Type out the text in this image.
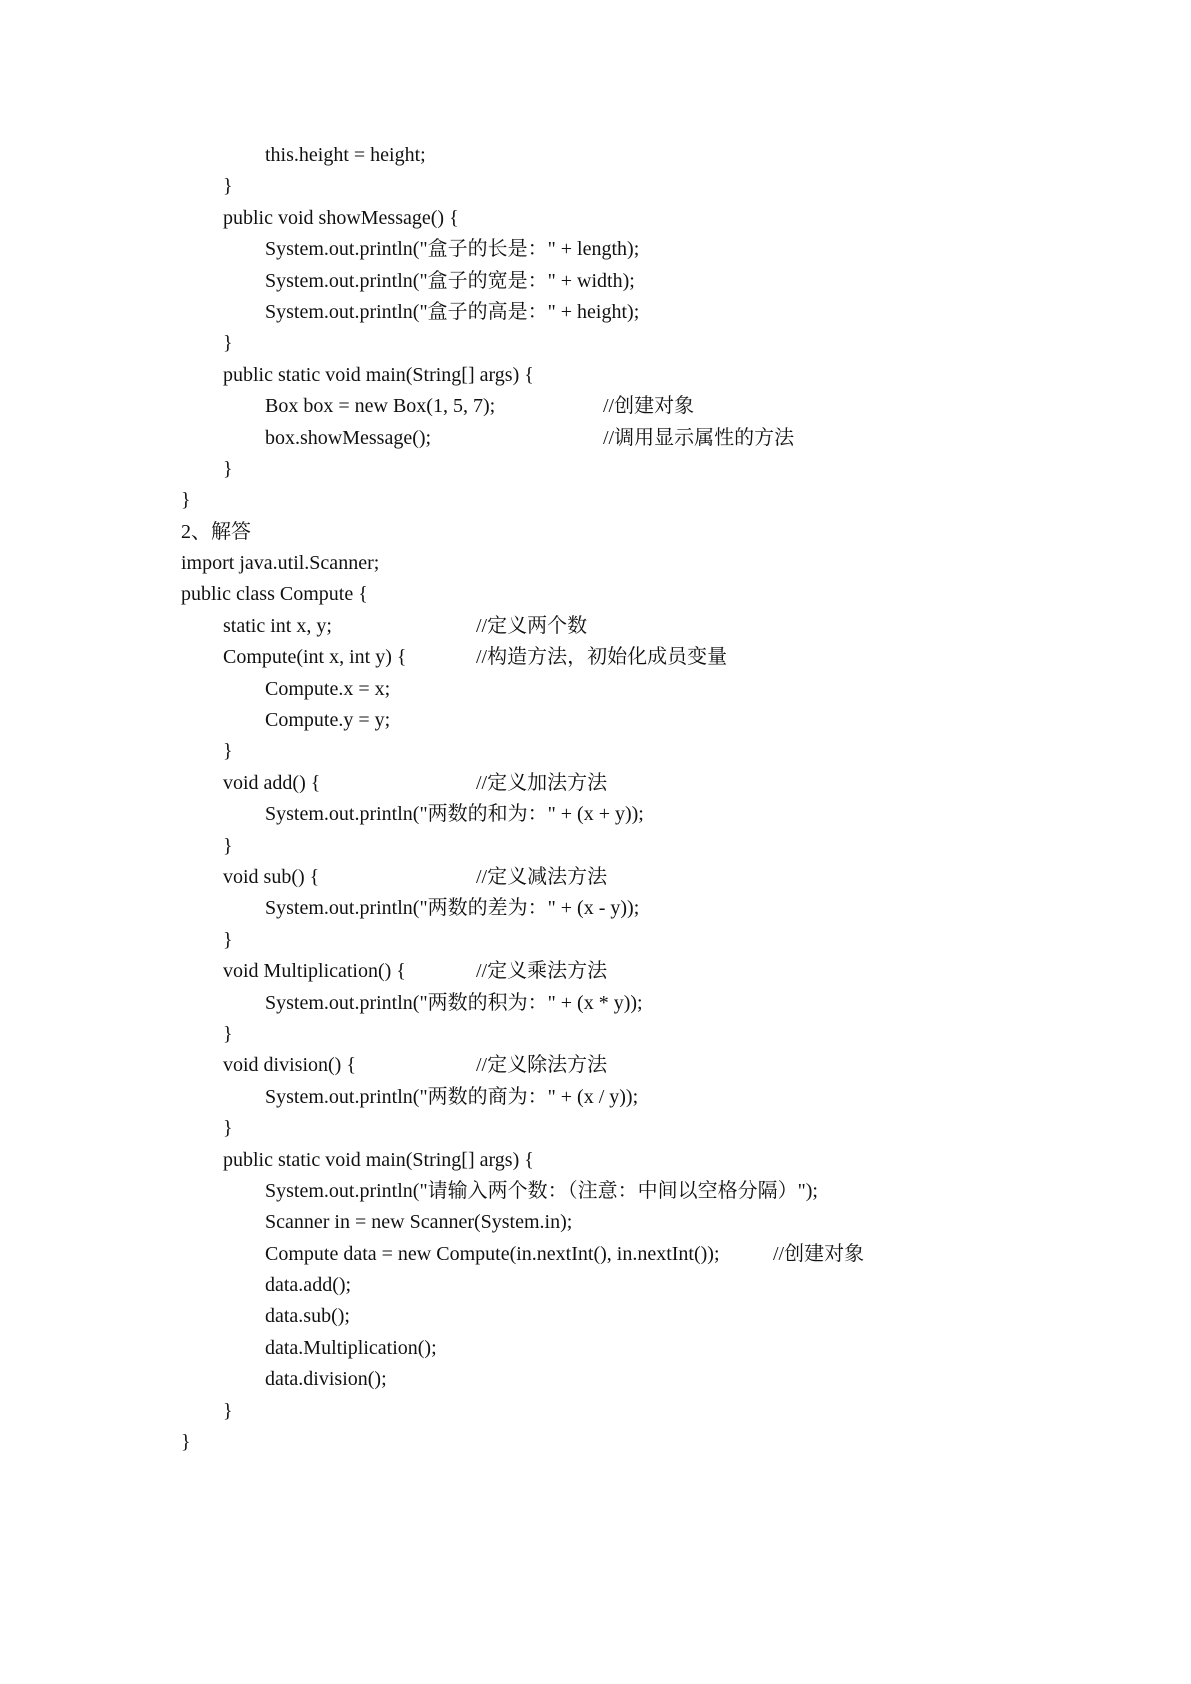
this.height = height;
}
public void showMessage() {
System.out.println("盒子的长是：" + length);
System.out.println("盒子的宽是：" + width);
System.out.println("盒子的高是：" + height);
}
public static void main(String[] args) {
Box box = new Box(1, 5, 7);	//创建对象
box.showMessage();	//调用显示属性的方法
}
}
2、解答
import java.util.Scanner;
public class Compute {
static int x, y;	//定义两个数
Compute(int x, int y) {	//构造方法，初始化成员变量
Compute.x = x;
Compute.y = y;
}
void add() {	//定义加法方法
System.out.println("两数的和为：" + (x + y));
}
void sub() {	//定义减法方法
System.out.println("两数的差为：" + (x - y));
}
void Multiplication() {	//定义乘法方法
System.out.println("两数的积为：" + (x * y));
}
void division() {	//定义除法方法
System.out.println("两数的商为：" + (x / y));
}
public static void main(String[] args) {
System.out.println("请输入两个数：（注意：中间以空格分隔）");
Scanner in = new Scanner(System.in);
Compute data = new Compute(in.nextInt(), in.nextInt());	//创建对象
data.add();
data.sub();
data.Multiplication();
data.division();
}
}
